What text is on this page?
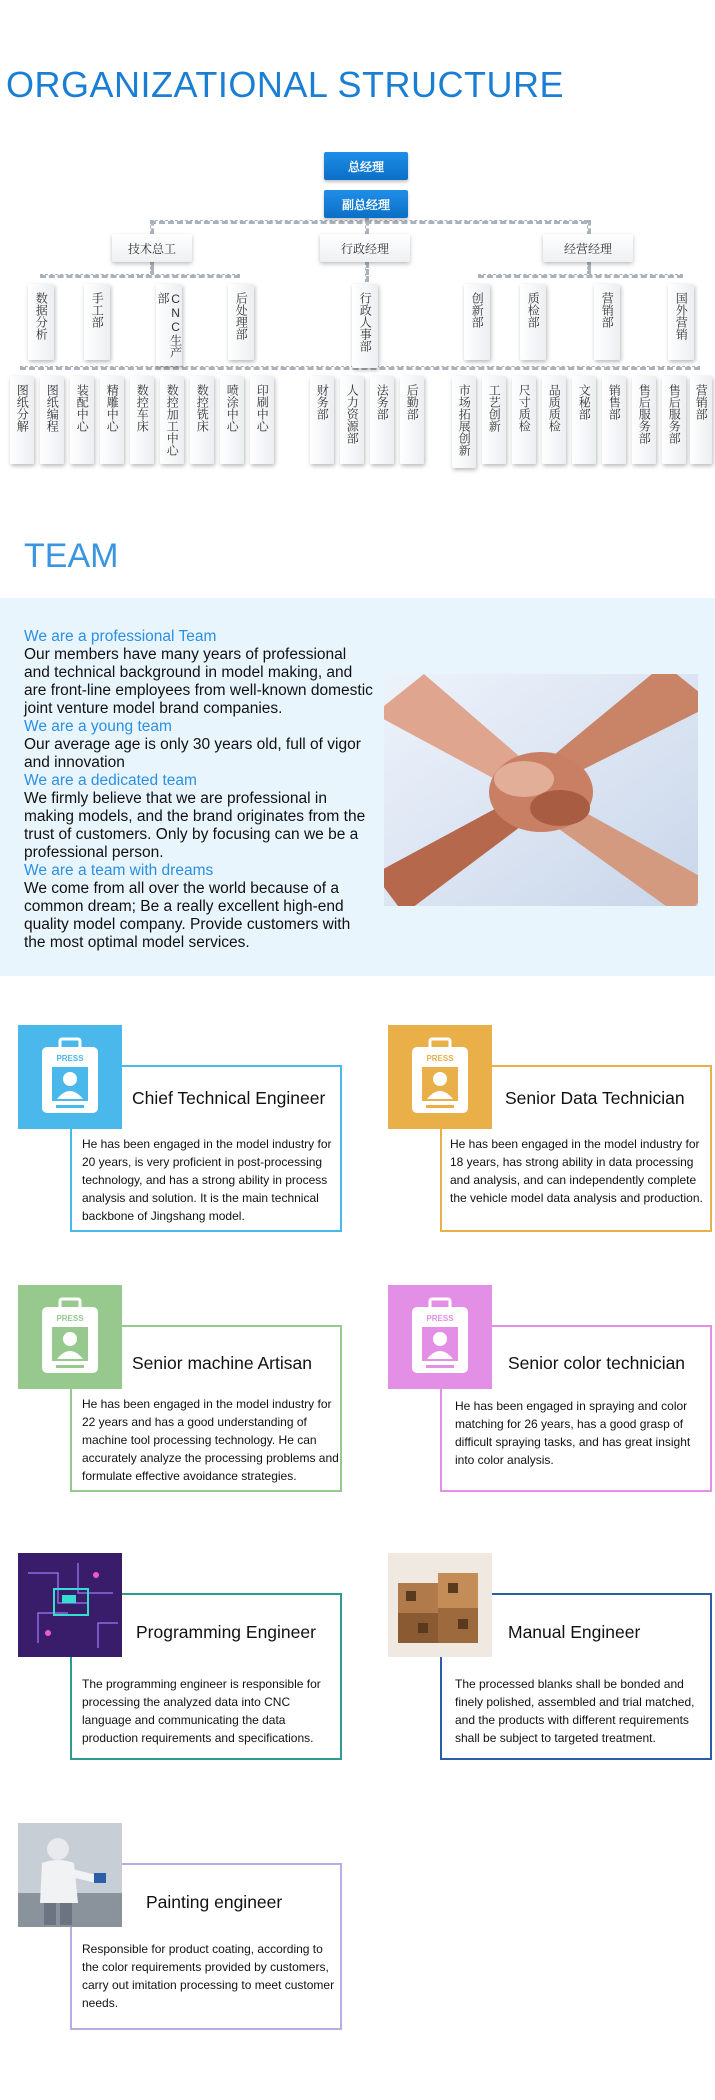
ORGANIZATIONAL STRUCTURE
总经理
副总经理
技术总工	行政经理	经营经理
数据分析	手工部	CNC生产部	后处理部	行政人事部	创新部	质检部	营销部	国外营销
图纸分解	图纸编程	装配中心	精雕中心	数控车床	数控加工中心	数控铣床	喷涂中心	印刷中心	财务部	人力资源部	法务部	后勤部	市场拓展创新	工艺创新	尺寸质检	品质质检	文秘部	销售部	售后服务部	售后服务部	营销部
TEAM
We are a professional Team
Our members have many years of professional and technical background in model making, and are front-line employees from well-known domestic joint venture model brand companies.
We are a young team
Our average age is only 30 years old, full of vigor and innovation
We are a dedicated team
We firmly believe that we are professional in making models, and the brand originates from the trust of customers. Only by focusing can we be a professional person.
We are a team with dreams
We come from all over the world because of a common dream; Be a really excellent high-end quality model company. Provide customers with the most optimal model services.
PRESS
Chief Technical Engineer
He has been engaged in the model industry for 20 years, is very proficient in post-processing technology, and has a strong ability in process analysis and solution. It is the main technical backbone of Jingshang model.
PRESS
Senior Data Technician
He has been engaged in the model industry for 18 years, has strong ability in data processing and analysis, and can independently complete the vehicle model data analysis and production.
PRESS
Senior machine Artisan
He has been engaged in the model industry for 22 years and has a good understanding of machine tool processing technology. He can accurately analyze the processing problems and formulate effective avoidance strategies.
PRESS
Senior color technician
He has been engaged in spraying and color matching for 26 years, has a good grasp of difficult spraying tasks, and has great insight into color analysis.
Programming Engineer
The programming engineer is responsible for processing the analyzed data into CNC language and communicating the data production requirements and specifications.
Manual Engineer
The processed blanks shall be bonded and finely polished, assembled and trial matched, and the products with different requirements shall be subject to targeted treatment.
Painting engineer
Responsible for product coating, according to the color requirements provided by customers, carry out imitation processing to meet customer needs.
